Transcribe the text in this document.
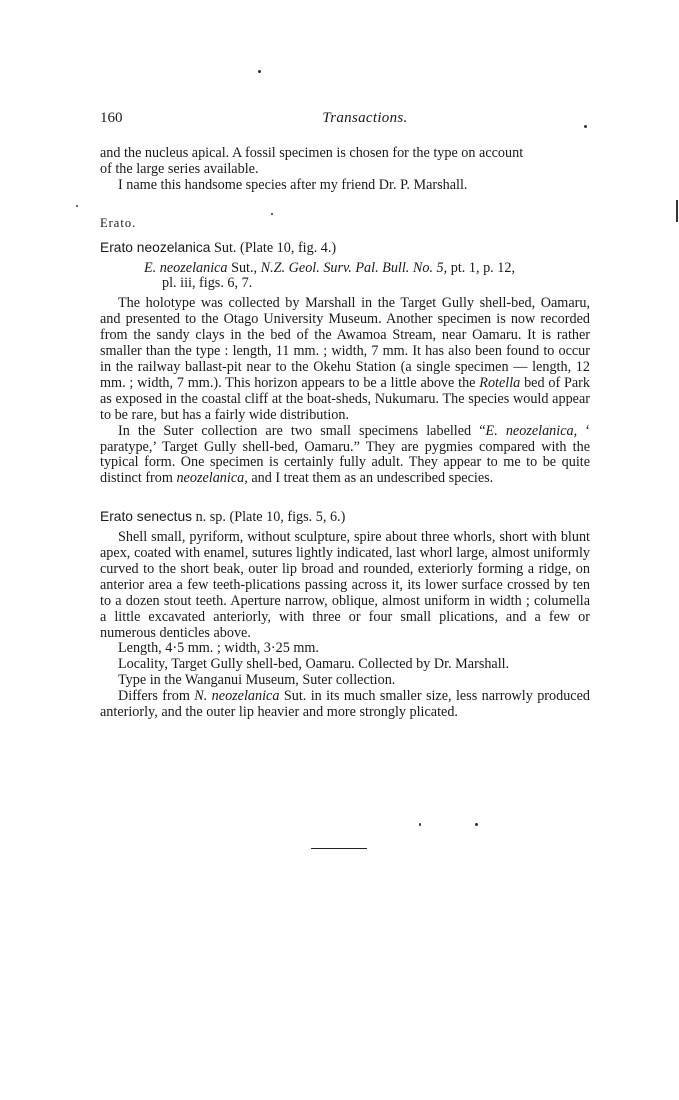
160	Transactions.

and the nucleus apical. A fossil specimen is chosen for the type on account
of the large series available.

I name this handsome species after my friend Dr. P. Marshall.

Erato.

Erato neozelanica Sut. (Plate 10, fig. 4.)

E. neozelanica Sut., N.Z. Geol. Surv. Pal. Bull. No. 5, pt. 1, p. 12,

pl. iii, figs. 6, 7.

The holotype was collected by Marshall in the Target Gully shell-bed, Oamaru, and presented to the Otago University Museum. Another specimen is now recorded from the sandy clays in the bed of the Awamoa Stream, near Oamaru. It is rather smaller than the type : length, 11 mm. ; width, 7 mm. It has also been found to occur in the railway ballast-pit near to the Okehu Station (a single specimen — length, 12 mm. ; width, 7 mm.). This horizon appears to be a little above the Rotella bed of Park as exposed in the coastal cliff at the boat-sheds, Nukumaru. The species would appear to be rare, but has a fairly wide distribution.

In the Suter collection are two small specimens labelled “E. neozelanica, ‘ paratype,’ Target Gully shell-bed, Oamaru.” They are pygmies compared with the typical form. One specimen is certainly fully adult. They appear to me to be quite distinct from neozelanica, and I treat them as an undescribed species.

Erato senectus n. sp. (Plate 10, figs. 5, 6.)

Shell small, pyriform, without sculpture, spire about three whorls, short with blunt apex, coated with enamel, sutures lightly indicated, last whorl large, almost uniformly curved to the short beak, outer lip broad and rounded, exteriorly forming a ridge, on anterior area a few teeth-plications passing across it, its lower surface crossed by ten to a dozen stout teeth. Aperture narrow, oblique, almost uniform in width ; columella a little excavated anteriorly, with three or four small plications, and a few or numerous denticles above.

Length, 4·5 mm. ; width, 3·25 mm.

Locality, Target Gully shell-bed, Oamaru. Collected by Dr. Marshall.

Type in the Wanganui Museum, Suter collection.

Differs from N. neozelanica Sut. in its much smaller size, less narrowly produced anteriorly, and the outer lip heavier and more strongly plicated.
